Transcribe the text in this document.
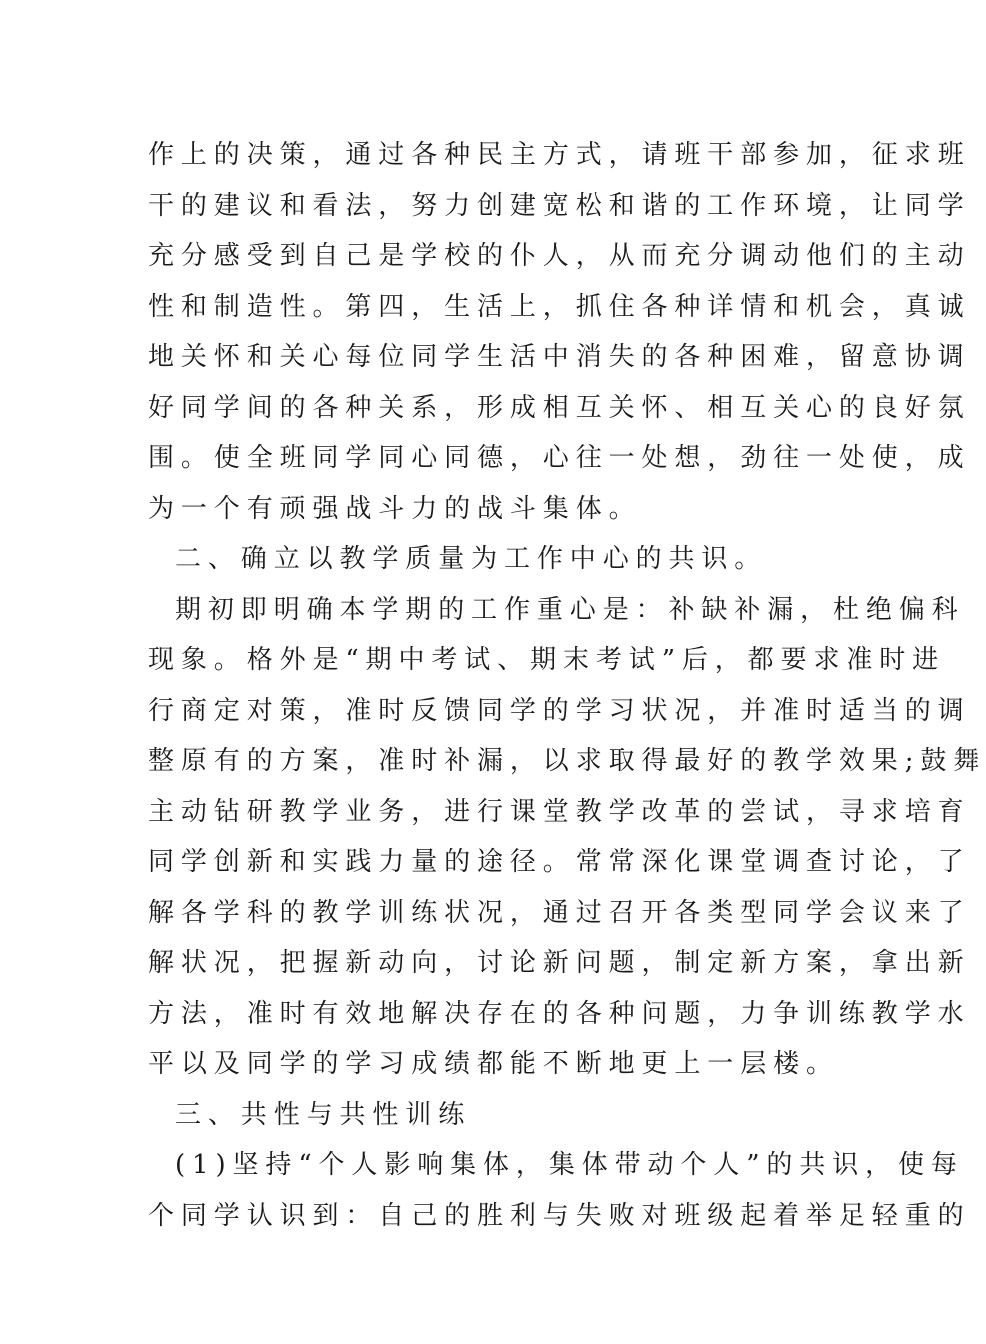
作上的决策，通过各种民主方式，请班干部参加，征求班
干的建议和看法，努力创建宽松和谐的工作环境，让同学
充分感受到自己是学校的仆人，从而充分调动他们的主动
性和制造性。第四，生活上，抓住各种详情和机会，真诚
地关怀和关心每位同学生活中消失的各种困难，留意协调
好同学间的各种关系，形成相互关怀、相互关心的良好氛
围。使全班同学同心同德，心往一处想，劲往一处使，成
为一个有顽强战斗力的战斗集体。
二、确立以教学质量为工作中心的共识。
期初即明确本学期的工作重心是：补缺补漏，杜绝偏科
现象。格外是“期中考试、期末考试”后，都要求准时进
行商定对策，准时反馈同学的学习状况，并准时适当的调
整原有的方案，准时补漏，以求取得最好的教学效果;鼓舞
主动钻研教学业务，进行课堂教学改革的尝试，寻求培育
同学创新和实践力量的途径。常常深化课堂调查讨论，了
解各学科的教学训练状况，通过召开各类型同学会议来了
解状况，把握新动向，讨论新问题，制定新方案，拿出新
方法，准时有效地解决存在的各种问题，力争训练教学水
平以及同学的学习成绩都能不断地更上一层楼。
三、共性与共性训练
(1)坚持“个人影响集体，集体带动个人”的共识，使每
个同学认识到：自己的胜利与失败对班级起着举足轻重的
